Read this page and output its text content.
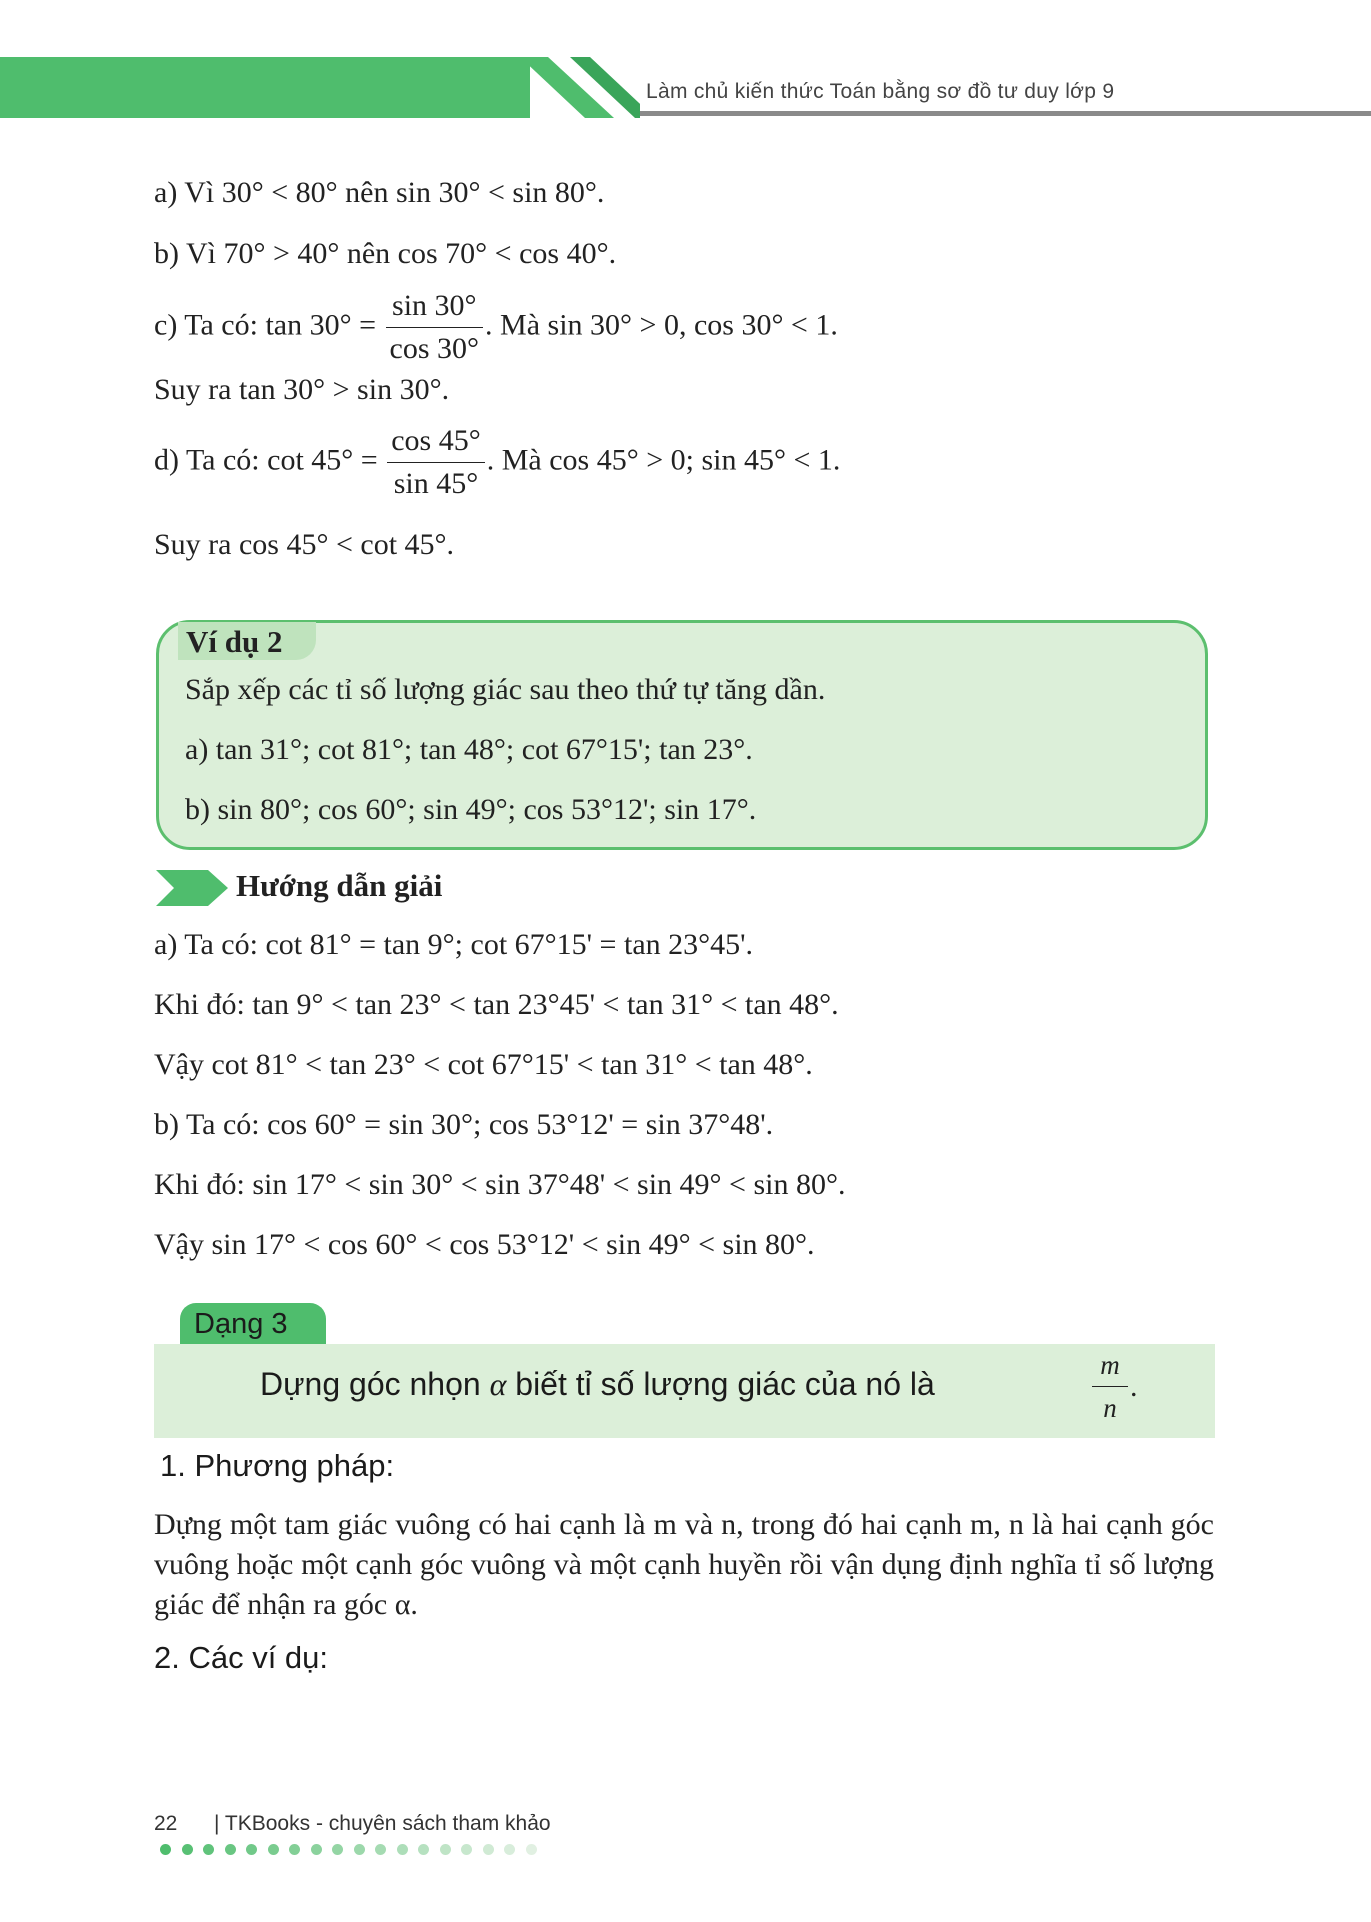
Làm chủ kiến thức Toán bằng sơ đồ tư duy lớp 9
a) Vì 30° < 80° nên sin 30° < sin 80°.
b) Vì 70° > 40° nên cos 70° < cos 40°.
c) Ta có: $\tan 30^\circ = \frac{\sin 30^\circ}{\cos 30^\circ}$ . Mà sin 30° > 0, cos 30° < 1.
Suy ra tan 30° > sin 30°.
d) Ta có: $\cot 45^\circ = \frac{\cos 45^\circ}{\sin 45^\circ}$ . Mà cos 45° > 0; sin 45° < 1.
Suy ra cos 45° < cot 45°.
Ví dụ 2
Sắp xếp các tỉ số lượng giác sau theo thứ tự tăng dần.
a) tan 31°; cot 81°; tan 48°; cot 67°15'; tan 23°.
b) sin 80°; cos 60°; sin 49°; cos 53°12'; sin 17°.
Hướng dẫn giải
a) Ta có: cot 81° = tan 9°; cot 67°15' = tan 23°45'.
Khi đó: tan 9° < tan 23° < tan 23°45' < tan 31° < tan 48°.
Vậy cot 81° < tan 23° < cot 67°15' < tan 31° < tan 48°.
b) Ta có: cos 60° = sin 30°; cos 53°12' = sin 37°48'.
Khi đó: sin 17° < sin 30° < sin 37°48' < sin 49° < sin 80°.
Vậy sin 17° < cos 60° < cos 53°12' < sin 49° < sin 80°.
Dạng 3
Dựng góc nhọn α biết tỉ số lượng giác của nó là	$\frac{m}{n}$ .
1. Phương pháp:
Dựng một tam giác vuông có hai cạnh là m và n, trong đó hai cạnh m, n là hai cạnh góc vuông hoặc một cạnh góc vuông và một cạnh huyền rồi vận dụng định nghĩa tỉ số lượng giác để nhận ra góc α.
2. Các ví dụ:
22 | TKBooks - chuyên sách tham khảo
